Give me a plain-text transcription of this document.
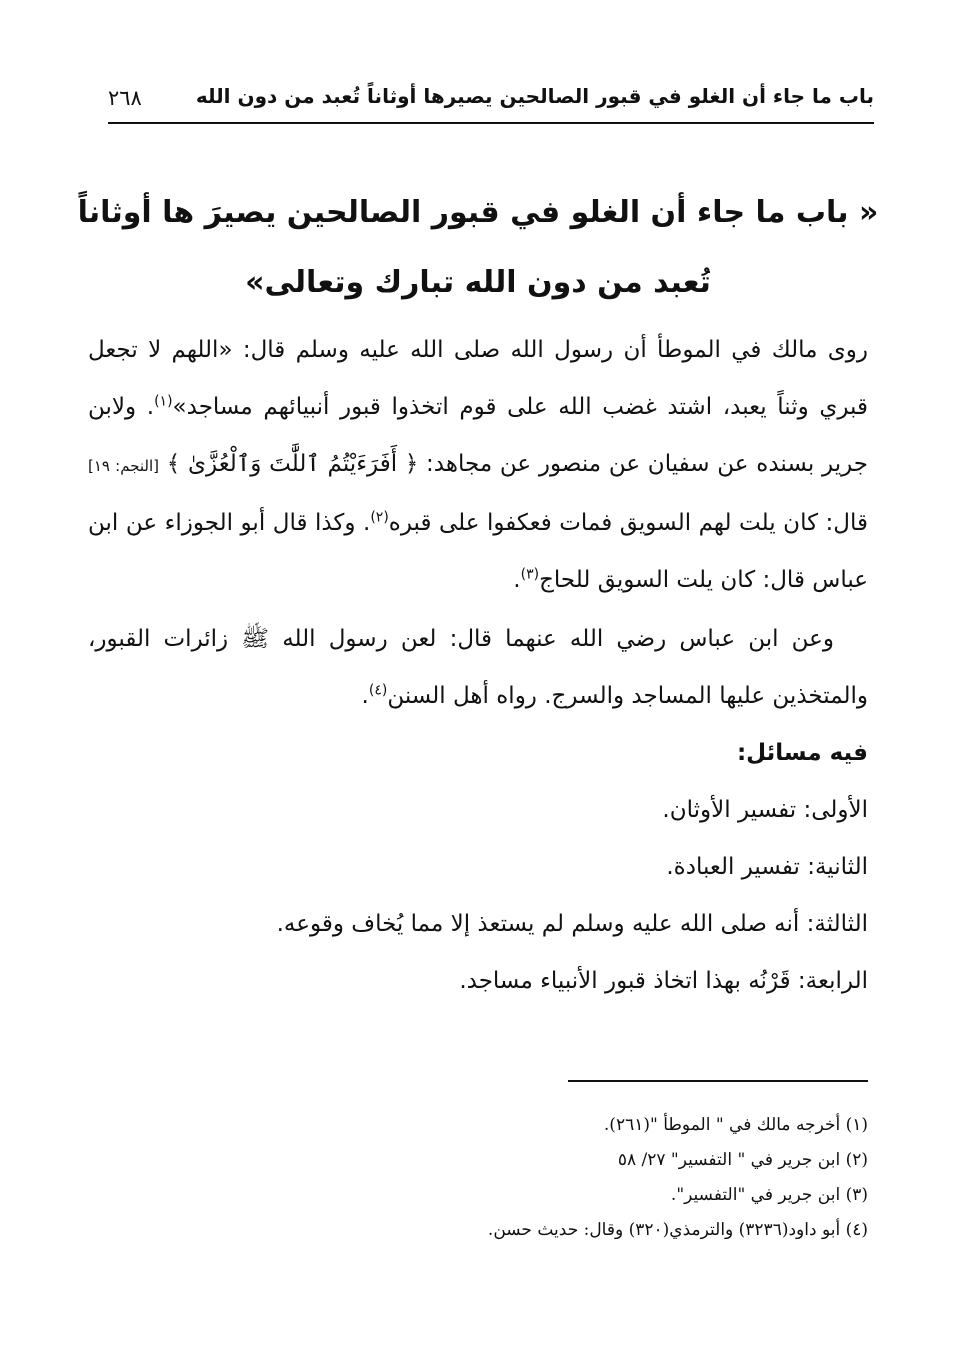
باب ما جاء أن الغلو في قبور الصالحين يصيرها أوثاناً تُعبد من دون الله
٢٦٨
« باب ما جاء أن الغلو في قبور الصالحين يصيرَ ها أوثاناً
تُعبد من دون الله تبارك وتعالى»

روى مالك في الموطأ أن رسول الله صلى الله عليه وسلم قال: «اللهم لا تجعل قبري وثناً يعبد، اشتد غضب الله على قوم اتخذوا قبور أنبيائهم مساجد»$^{(١)}$. ولابن جرير بسنده عن سفيان عن منصور عن مجاهد: ﴿ أَفَرَءَيْتُمُ ٱللَّٰتَ وَٱلْعُزَّىٰ ﴾ [النجم: ١٩] قال: كان يلت لهم السويق فمات فعكفوا على قبره$^{(٢)}$. وكذا قال أبو الجوزاء عن ابن عباس قال: كان يلت السويق للحاج$^{(٣)}$.

وعن ابن عباس رضي الله عنهما قال: لعن رسول الله ﷺ زائرات القبور، والمتخذين عليها المساجد والسرج. رواه أهل السنن$^{(٤)}$.

فيه مسائل:

الأولى: تفسير الأوثان.

الثانية: تفسير العبادة.

الثالثة: أنه صلى الله عليه وسلم لم يستعذ إلا مما يُخاف وقوعه.

الرابعة: قَرْنُه بهذا اتخاذ قبور الأنبياء مساجد.

(١) أخرجه مالك في " الموطأ "(٢٦١).
(٢) ابن جرير في " التفسير" ٢٧/ ٥٨
(٣) ابن جرير في "التفسير".
(٤) أبو داود(٣٢٣٦) والترمذي(٣٢٠) وقال: حديث حسن.
